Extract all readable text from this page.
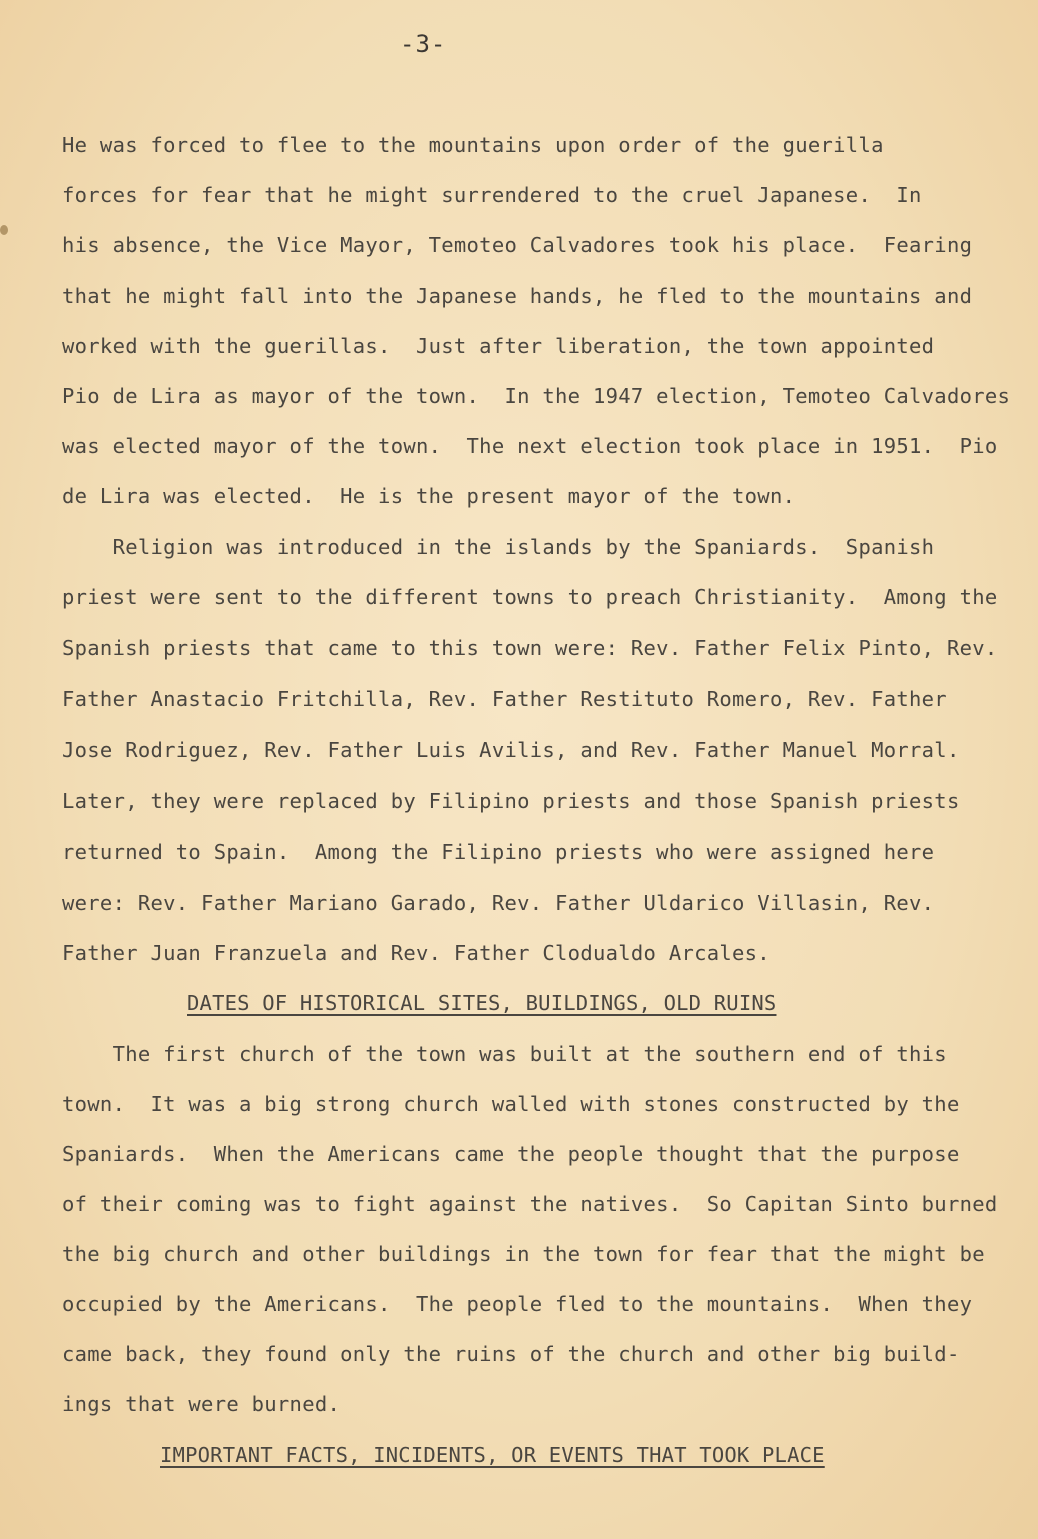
-3-
He was forced to flee to the mountains upon order of the guerilla
forces for fear that he might surrendered to the cruel Japanese.  In
his absence, the Vice Mayor, Temoteo Calvadores took his place.  Fearing
that he might fall into the Japanese hands, he fled to the mountains and
worked with the guerillas.  Just after liberation, the town appointed
Pio de Lira as mayor of the town.  In the 1947 election, Temoteo Calvadores
was elected mayor of the town.  The next election took place in 1951.  Pio
de Lira was elected.  He is the present mayor of the town.
Religion was introduced in the islands by the Spaniards.  Spanish
priest were sent to the different towns to preach Christianity.  Among the
Spanish priests that came to this town were: Rev. Father Felix Pinto, Rev.
Father Anastacio Fritchilla, Rev. Father Restituto Romero, Rev. Father
Jose Rodriguez, Rev. Father Luis Avilis, and Rev. Father Manuel Morral.
Later, they were replaced by Filipino priests and those Spanish priests
returned to Spain.  Among the Filipino priests who were assigned here
were: Rev. Father Mariano Garado, Rev. Father Uldarico Villasin, Rev.
Father Juan Franzuela and Rev. Father Clodualdo Arcales.
DATES OF HISTORICAL SITES, BUILDINGS, OLD RUINS
The first church of the town was built at the southern end of this
town.  It was a big strong church walled with stones constructed by the
Spaniards.  When the Americans came the people thought that the purpose
of their coming was to fight against the natives.  So Capitan Sinto burned
the big church and other buildings in the town for fear that the might be
occupied by the Americans.  The people fled to the mountains.  When they
came back, they found only the ruins of the church and other big build-
ings that were burned.
IMPORTANT FACTS, INCIDENTS, OR EVENTS THAT TOOK PLACE
